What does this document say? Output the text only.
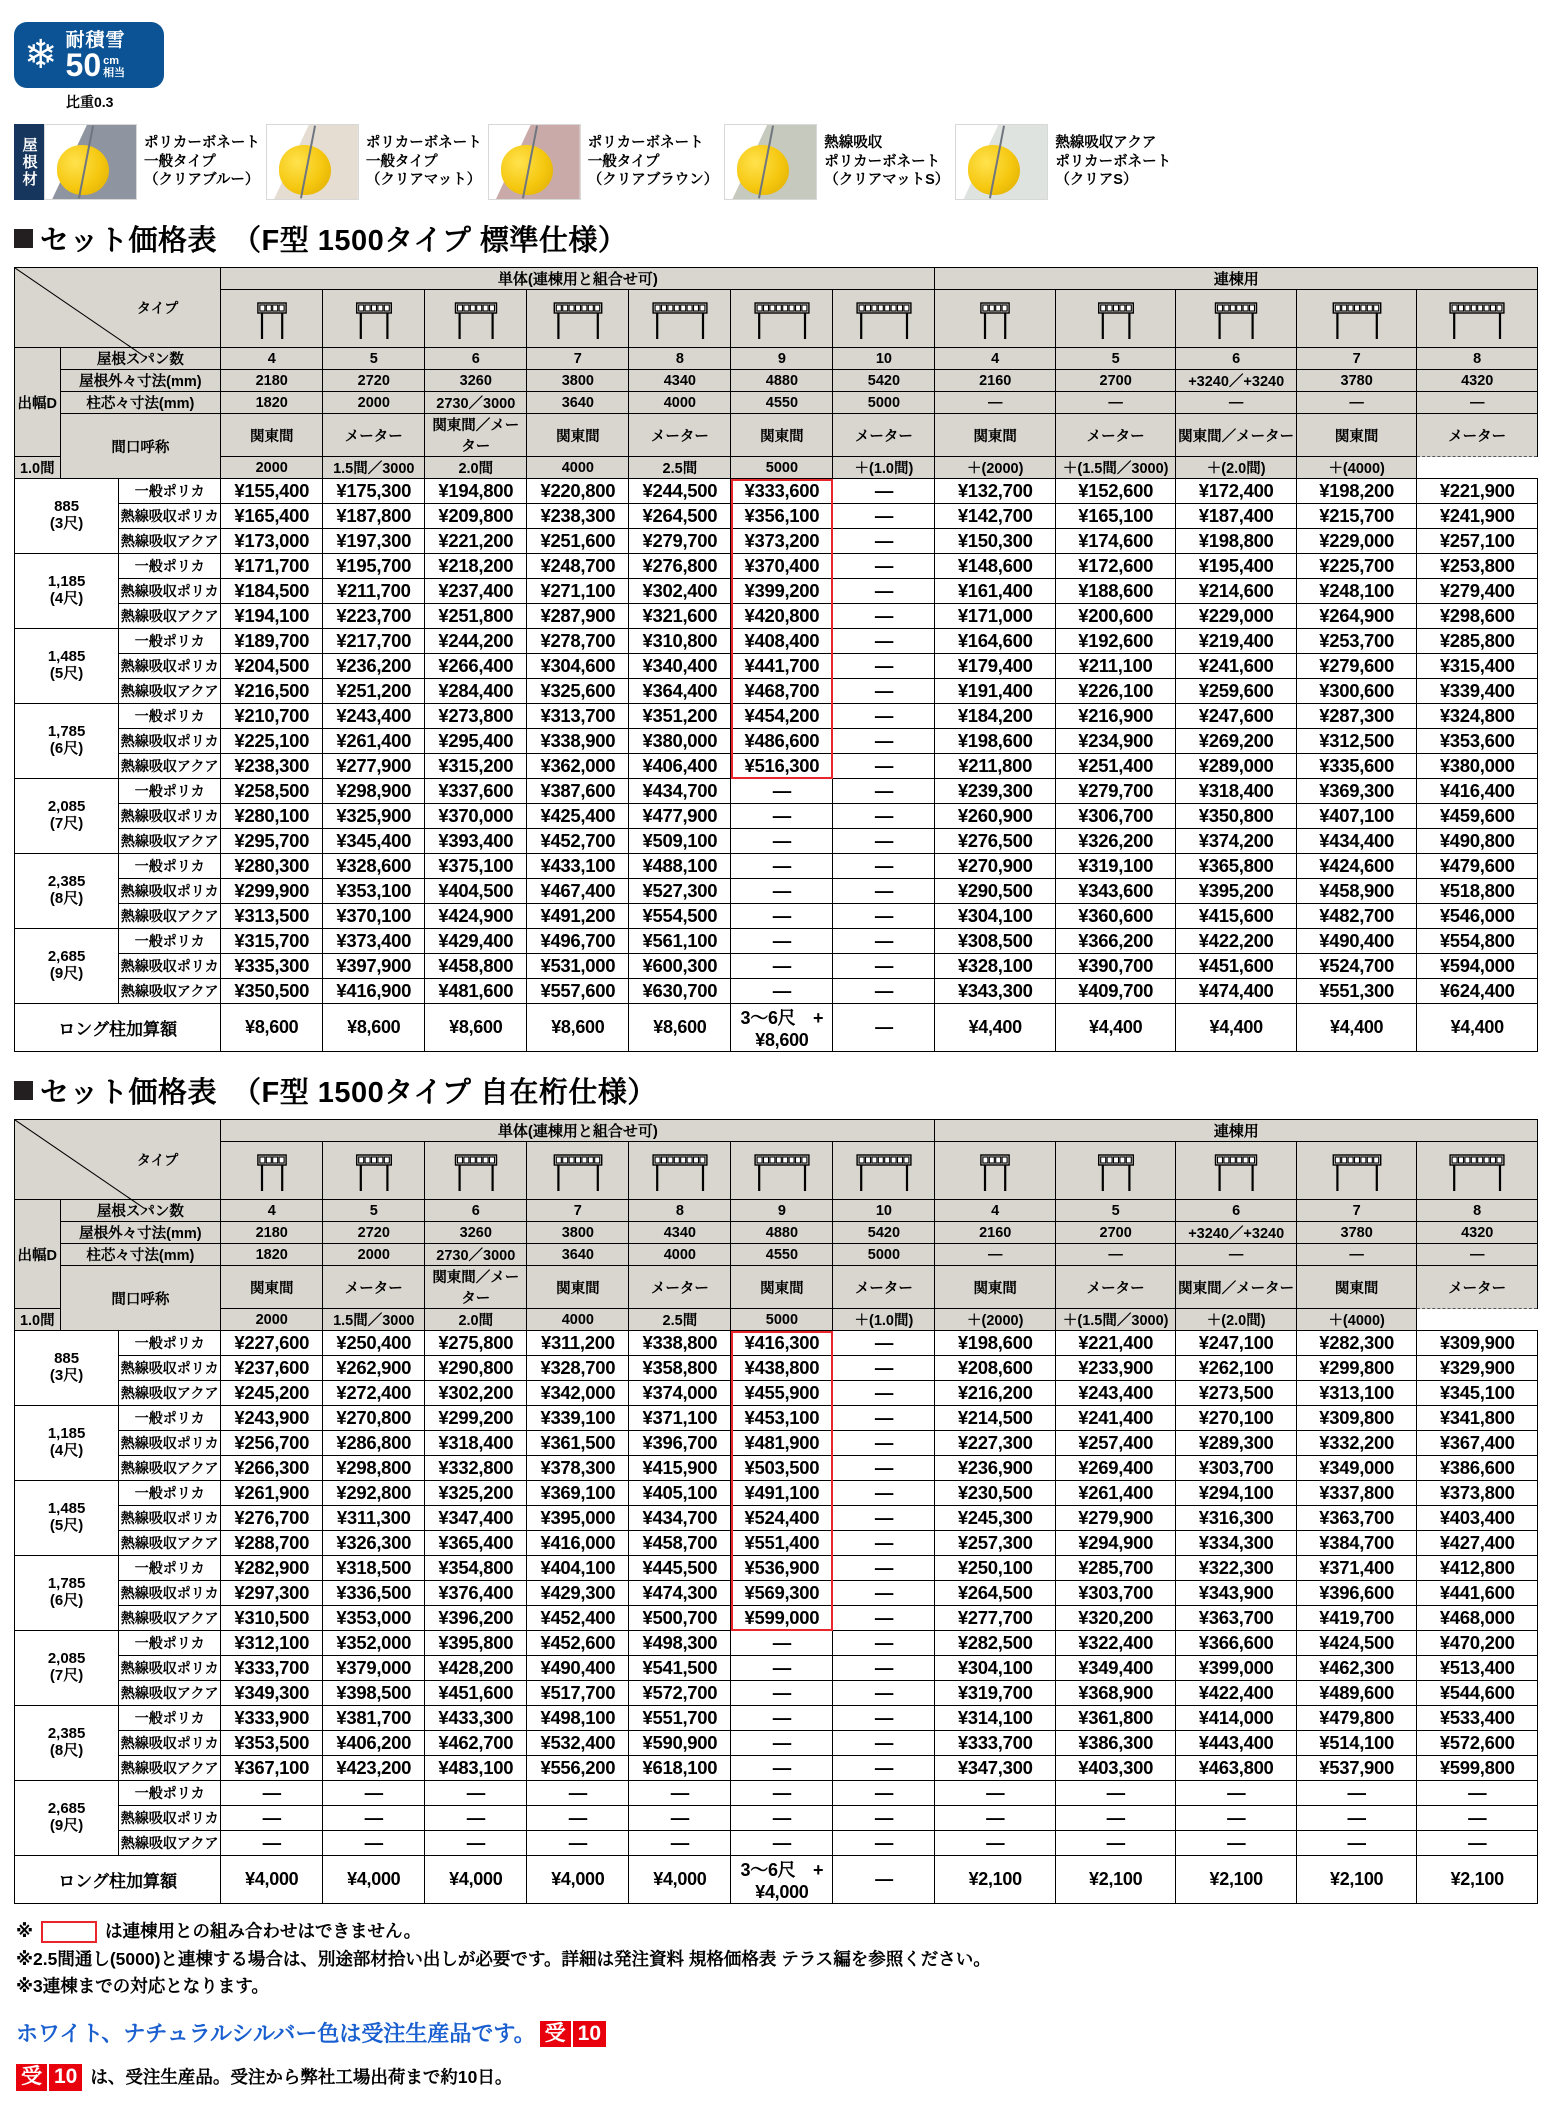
❄ 耐積雪
50 cm
相当
比重0.3
屋根材	ポリカーボネート
一般タイプ
（クリアブルー）
ポリカーボネート
一般タイプ
（クリアマット）
ポリカーボネート
一般タイプ
（クリアブラウン）
熱線吸収
ポリカーボネート
（クリアマットS）
熱線吸収アクア
ポリカーボネート
（クリアS）
セット価格表　（F型 1500タイプ 標準仕様）
タイプ			単体(連棟用と組合せ可)							連棟用				

出幅D	屋根スパン数		4	5	6	7	8	9	10	4	5	6	7	8
	屋根外々寸法(mm)		2180	2720	3260	3800	4340	4880	5420	2160	2700	+3240／+3240	3780	4320
	柱芯々寸法(mm)		1820	2000	2730／3000	3640	4000	4550	5000	—	—	—	—	—
	間口呼称		関東間	メーター	関東間／メーター	関東間	メーター	関東間	メーター	関東間	メーター	関東間／メーター	関東間	メーター
1.0間			2000	1.5間／3000	2.0間	4000	2.5間	5000	＋(1.0間)	＋(2000)	＋(1.5間／3000)	＋(2.0間)	＋(4000)	
885
(3尺)		一般ポリカ	¥155,400	¥175,300	¥194,800	¥220,800	¥244,500	¥333,600	—	¥132,700	¥152,600	¥172,400	¥198,200	¥221,900
		熱線吸収ポリカ	¥165,400	¥187,800	¥209,800	¥238,300	¥264,500	¥356,100	—	¥142,700	¥165,100	¥187,400	¥215,700	¥241,900
		熱線吸収アクア	¥173,000	¥197,300	¥221,200	¥251,600	¥279,700	¥373,200	—	¥150,300	¥174,600	¥198,800	¥229,000	¥257,100
1,185
(4尺)		一般ポリカ	¥171,700	¥195,700	¥218,200	¥248,700	¥276,800	¥370,400	—	¥148,600	¥172,600	¥195,400	¥225,700	¥253,800
		熱線吸収ポリカ	¥184,500	¥211,700	¥237,400	¥271,100	¥302,400	¥399,200	—	¥161,400	¥188,600	¥214,600	¥248,100	¥279,400
		熱線吸収アクア	¥194,100	¥223,700	¥251,800	¥287,900	¥321,600	¥420,800	—	¥171,000	¥200,600	¥229,000	¥264,900	¥298,600
1,485
(5尺)		一般ポリカ	¥189,700	¥217,700	¥244,200	¥278,700	¥310,800	¥408,400	—	¥164,600	¥192,600	¥219,400	¥253,700	¥285,800
		熱線吸収ポリカ	¥204,500	¥236,200	¥266,400	¥304,600	¥340,400	¥441,700	—	¥179,400	¥211,100	¥241,600	¥279,600	¥315,400
		熱線吸収アクア	¥216,500	¥251,200	¥284,400	¥325,600	¥364,400	¥468,700	—	¥191,400	¥226,100	¥259,600	¥300,600	¥339,400
1,785
(6尺)		一般ポリカ	¥210,700	¥243,400	¥273,800	¥313,700	¥351,200	¥454,200	—	¥184,200	¥216,900	¥247,600	¥287,300	¥324,800
		熱線吸収ポリカ	¥225,100	¥261,400	¥295,400	¥338,900	¥380,000	¥486,600	—	¥198,600	¥234,900	¥269,200	¥312,500	¥353,600
		熱線吸収アクア	¥238,300	¥277,900	¥315,200	¥362,000	¥406,400	¥516,300	—	¥211,800	¥251,400	¥289,000	¥335,600	¥380,000
2,085
(7尺)		一般ポリカ	¥258,500	¥298,900	¥337,600	¥387,600	¥434,700	—	—	¥239,300	¥279,700	¥318,400	¥369,300	¥416,400
		熱線吸収ポリカ	¥280,100	¥325,900	¥370,000	¥425,400	¥477,900	—	—	¥260,900	¥306,700	¥350,800	¥407,100	¥459,600
		熱線吸収アクア	¥295,700	¥345,400	¥393,400	¥452,700	¥509,100	—	—	¥276,500	¥326,200	¥374,200	¥434,400	¥490,800
2,385
(8尺)		一般ポリカ	¥280,300	¥328,600	¥375,100	¥433,100	¥488,100	—	—	¥270,900	¥319,100	¥365,800	¥424,600	¥479,600
		熱線吸収ポリカ	¥299,900	¥353,100	¥404,500	¥467,400	¥527,300	—	—	¥290,500	¥343,600	¥395,200	¥458,900	¥518,800
		熱線吸収アクア	¥313,500	¥370,100	¥424,900	¥491,200	¥554,500	—	—	¥304,100	¥360,600	¥415,600	¥482,700	¥546,000
2,685
(9尺)		一般ポリカ	¥315,700	¥373,400	¥429,400	¥496,700	¥561,100	—	—	¥308,500	¥366,200	¥422,200	¥490,400	¥554,800
		熱線吸収ポリカ	¥335,300	¥397,900	¥458,800	¥531,000	¥600,300	—	—	¥328,100	¥390,700	¥451,600	¥524,700	¥594,000
		熱線吸収アクア	¥350,500	¥416,900	¥481,600	¥557,600	¥630,700	—	—	¥343,300	¥409,700	¥474,400	¥551,300	¥624,400
ロング柱加算額			¥8,600	¥8,600	¥8,600	¥8,600	¥8,600	3～6尺　+¥8,600	—	¥4,400	¥4,400	¥4,400	¥4,400	¥4,400
セット価格表　（F型 1500タイプ 自在桁仕様）
タイプ			単体(連棟用と組合せ可)							連棟用				

出幅D	屋根スパン数		4	5	6	7	8	9	10	4	5	6	7	8
	屋根外々寸法(mm)		2180	2720	3260	3800	4340	4880	5420	2160	2700	+3240／+3240	3780	4320
	柱芯々寸法(mm)		1820	2000	2730／3000	3640	4000	4550	5000	—	—	—	—	—
	間口呼称		関東間	メーター	関東間／メーター	関東間	メーター	関東間	メーター	関東間	メーター	関東間／メーター	関東間	メーター
1.0間			2000	1.5間／3000	2.0間	4000	2.5間	5000	＋(1.0間)	＋(2000)	＋(1.5間／3000)	＋(2.0間)	＋(4000)	
885
(3尺)		一般ポリカ	¥227,600	¥250,400	¥275,800	¥311,200	¥338,800	¥416,300	—	¥198,600	¥221,400	¥247,100	¥282,300	¥309,900
		熱線吸収ポリカ	¥237,600	¥262,900	¥290,800	¥328,700	¥358,800	¥438,800	—	¥208,600	¥233,900	¥262,100	¥299,800	¥329,900
		熱線吸収アクア	¥245,200	¥272,400	¥302,200	¥342,000	¥374,000	¥455,900	—	¥216,200	¥243,400	¥273,500	¥313,100	¥345,100
1,185
(4尺)		一般ポリカ	¥243,900	¥270,800	¥299,200	¥339,100	¥371,100	¥453,100	—	¥214,500	¥241,400	¥270,100	¥309,800	¥341,800
		熱線吸収ポリカ	¥256,700	¥286,800	¥318,400	¥361,500	¥396,700	¥481,900	—	¥227,300	¥257,400	¥289,300	¥332,200	¥367,400
		熱線吸収アクア	¥266,300	¥298,800	¥332,800	¥378,300	¥415,900	¥503,500	—	¥236,900	¥269,400	¥303,700	¥349,000	¥386,600
1,485
(5尺)		一般ポリカ	¥261,900	¥292,800	¥325,200	¥369,100	¥405,100	¥491,100	—	¥230,500	¥261,400	¥294,100	¥337,800	¥373,800
		熱線吸収ポリカ	¥276,700	¥311,300	¥347,400	¥395,000	¥434,700	¥524,400	—	¥245,300	¥279,900	¥316,300	¥363,700	¥403,400
		熱線吸収アクア	¥288,700	¥326,300	¥365,400	¥416,000	¥458,700	¥551,400	—	¥257,300	¥294,900	¥334,300	¥384,700	¥427,400
1,785
(6尺)		一般ポリカ	¥282,900	¥318,500	¥354,800	¥404,100	¥445,500	¥536,900	—	¥250,100	¥285,700	¥322,300	¥371,400	¥412,800
		熱線吸収ポリカ	¥297,300	¥336,500	¥376,400	¥429,300	¥474,300	¥569,300	—	¥264,500	¥303,700	¥343,900	¥396,600	¥441,600
		熱線吸収アクア	¥310,500	¥353,000	¥396,200	¥452,400	¥500,700	¥599,000	—	¥277,700	¥320,200	¥363,700	¥419,700	¥468,000
2,085
(7尺)		一般ポリカ	¥312,100	¥352,000	¥395,800	¥452,600	¥498,300	—	—	¥282,500	¥322,400	¥366,600	¥424,500	¥470,200
		熱線吸収ポリカ	¥333,700	¥379,000	¥428,200	¥490,400	¥541,500	—	—	¥304,100	¥349,400	¥399,000	¥462,300	¥513,400
		熱線吸収アクア	¥349,300	¥398,500	¥451,600	¥517,700	¥572,700	—	—	¥319,700	¥368,900	¥422,400	¥489,600	¥544,600
2,385
(8尺)		一般ポリカ	¥333,900	¥381,700	¥433,300	¥498,100	¥551,700	—	—	¥314,100	¥361,800	¥414,000	¥479,800	¥533,400
		熱線吸収ポリカ	¥353,500	¥406,200	¥462,700	¥532,400	¥590,900	—	—	¥333,700	¥386,300	¥443,400	¥514,100	¥572,600
		熱線吸収アクア	¥367,100	¥423,200	¥483,100	¥556,200	¥618,100	—	—	¥347,300	¥403,300	¥463,800	¥537,900	¥599,800
2,685
(9尺)		一般ポリカ	—	—	—	—	—	—	—	—	—	—	—	—
		熱線吸収ポリカ	—	—	—	—	—	—	—	—	—	—	—	—
		熱線吸収アクア	—	—	—	—	—	—	—	—	—	—	—	—
ロング柱加算額			¥4,000	¥4,000	¥4,000	¥4,000	¥4,000	3～6尺　+¥4,000	—	¥2,100	¥2,100	¥2,100	¥2,100	¥2,100
※	は連棟用との組み合わせはできません。
※2.5間通し(5000)と連棟する場合は、別途部材拾い出しが必要です。詳細は発注資料 規格価格表 テラス編を参照ください。
※3連棟までの対応となります。
ホワイト、ナチュラルシルバー色は受注生産品です。 受 10
受 10 は、受注生産品。受注から弊社工場出荷まで約10日。
